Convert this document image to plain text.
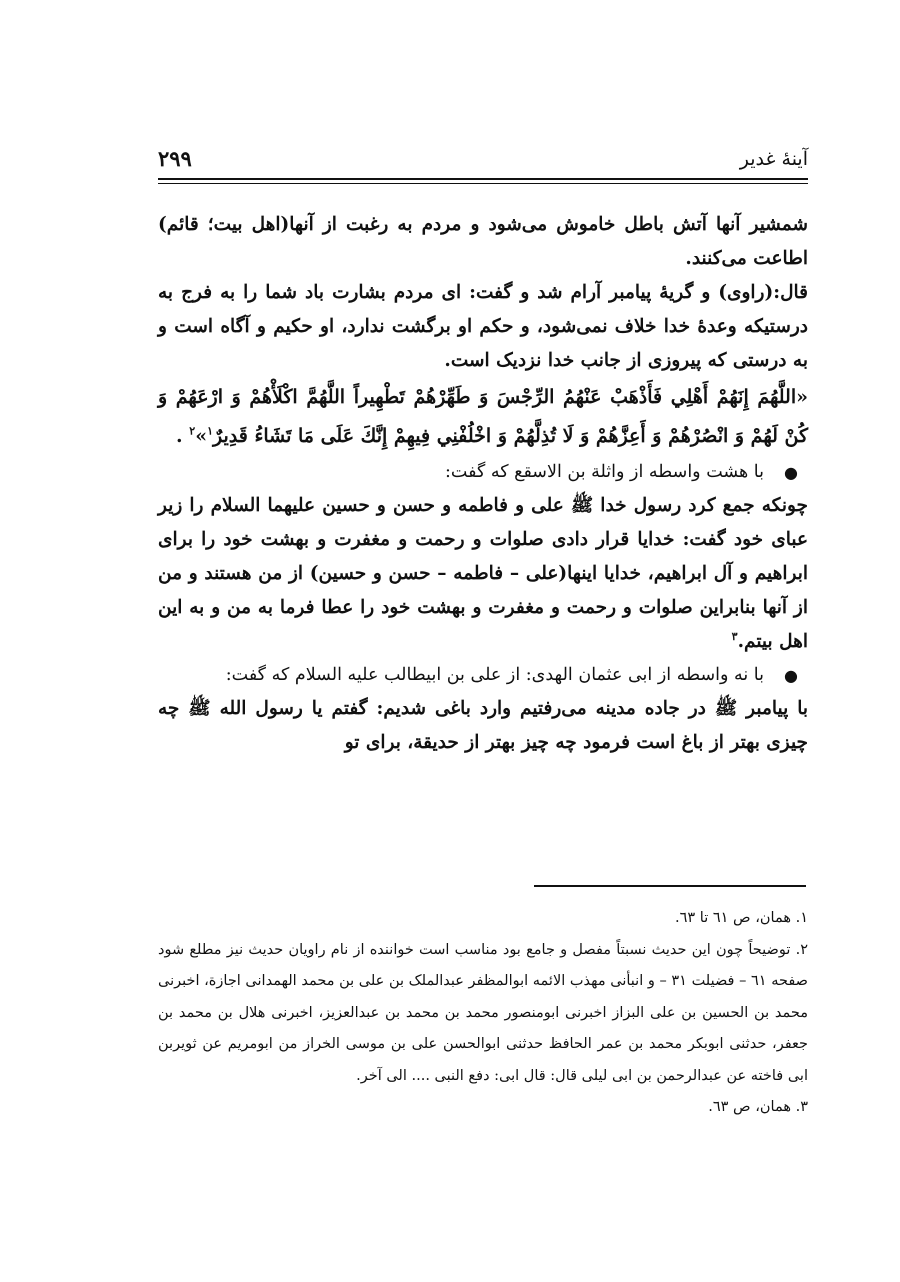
آينهٔ غدير
۲۹۹

شمشير آنها آتش باطل خاموش می‌شود و مردم به رغبت از آنها(اهل بيت؛ قائم) اطاعت می‌كنند.

قال:(راوی) و گريهٔ پيامبر آرام شد و گفت: ای مردم بشارت باد شما را به فرج به درستيكه وعدهٔ خدا خلاف نمی‌شود، و حكم او برگشت ندارد، او حكيم و آگاه است و به درستی كه پيروزی از جانب خدا نزديک است.

«اللَّهُمَ إِنَهُمْ أَهْلِي فَأَذْهَبْ عَنْهُمُ الرِّجْسَ وَ طَهِّرْهُمْ تَطْهِيراً اللَّهُمَّ اكْلَأْهُمْ وَ ارْعَهُمْ وَ كُنْ لَهُمْ وَ انْصُرْهُمْ وَ أَعِزَّهُمْ وَ لَا تُذِلَّهُمْ وَ اخْلُفْنِي فِيهِمْ إِنَّكَ عَلَى مَا تَشَاءُ قَدِيرٌ$^۱$»$^۲$ .

●
با هشت واسطه از واثلة بن الاسقع كه گفت:

چونكه جمع كرد رسول خدا ﷺ علی و فاطمه و حسن و حسين عليهما السلام را زير عبای خود گفت: خدايا قرار دادی صلوات و رحمت و مغفرت و بهشت خود را برای ابراهيم و آل ابراهيم، خدايا اينها(علی – فاطمه – حسن و حسين) از من هستند و من از آنها بنابراين صلوات و رحمت و مغفرت و بهشت خود را عطا فرما به من و به اين اهل بيتم.$^۳$

●
با نه واسطه از ابی عثمان الهدی: از علی بن ابيطالب عليه السلام كه گفت:

با پيامبر ﷺ در جاده مدينه می‌رفتيم وارد باغی شديم: گفتم يا رسول الله ﷺ چه چيزی بهتر از باغ است فرمود چه چيز بهتر از حديقة، برای تو

۱. همان، ص ٦١ تا ٦٣.

۲. توضيحاً چون اين حديث نسبتاً مفصل و جامع بود مناسب است خواننده از نام راويان حديث نيز مطلع شود صفحه ٦١ – فضيلت ٣١ – و انبأنی مهذب الائمه ابوالمظفر عبدالملک بن علی بن محمد الهمدانی اجازة، اخبرنی محمد بن الحسين بن علی البزاز اخبرنی ابومنصور محمد بن محمد بن عبدالعزيز، اخبرنی هلال بن محمد بن جعفر، حدثنی ابوبكر محمد بن عمر الحافظ حدثنی ابوالحسن علی بن موسی الخراز من ابومريم عن ثويربن ابی فاخته عن عبدالرحمن بن ابی ليلی قال: قال ابی: دفع النبی .... الی آخر.

۳. همان، ص ٦٣.
